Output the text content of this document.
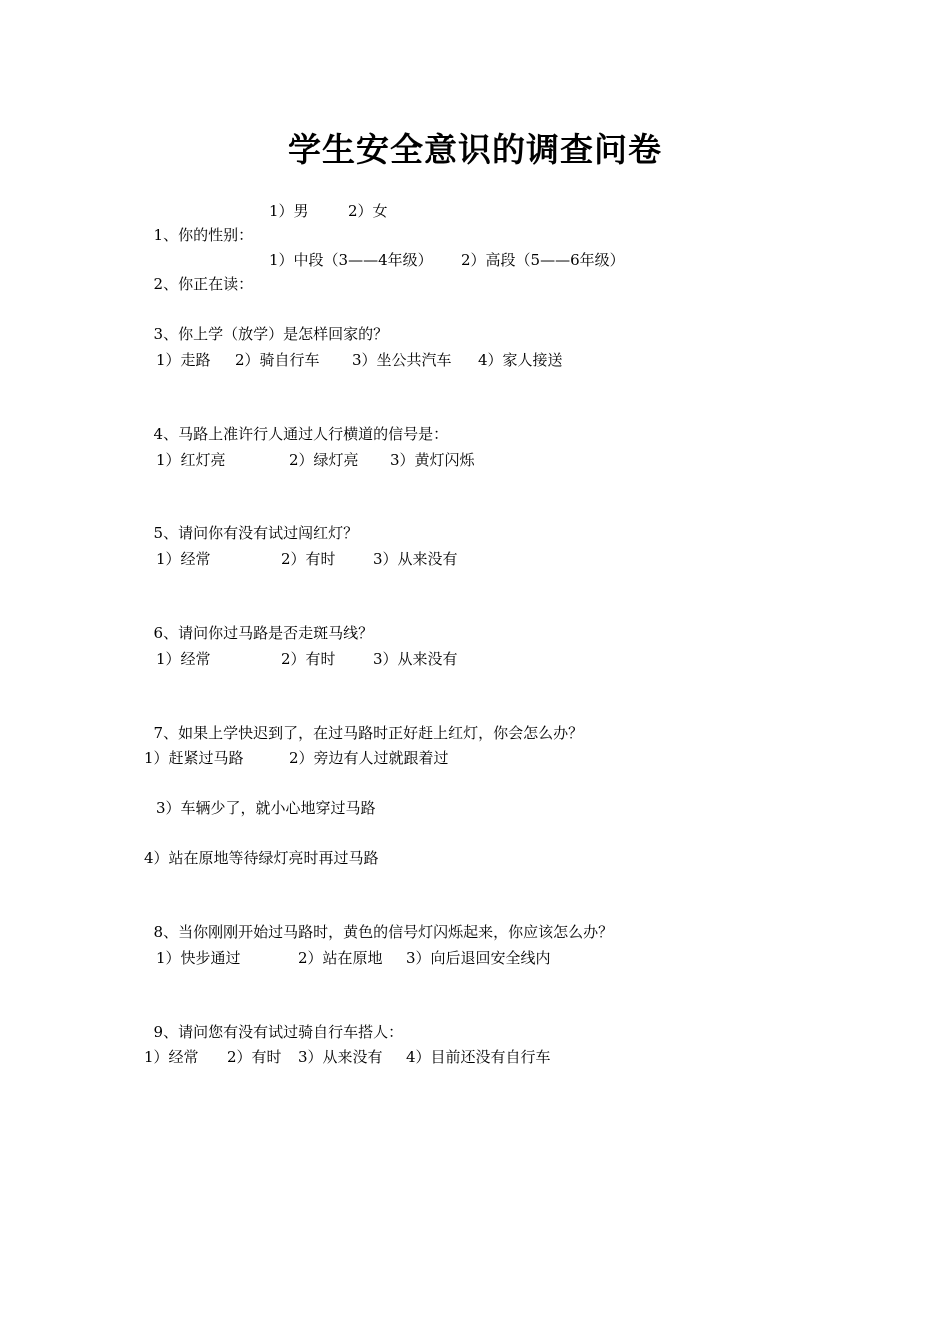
学生安全意识的调查问卷

1、你的性别：

1）男

	2）女

2、你正在读：

1）中段（3——4年级）

2）高段（5——6年级）

3、你上学（放学）是怎样回家的？

1）走路

2）骑自行车

3）坐公共汽车

4）家人接送

4、马路上准许行人通过人行横道的信号是：

1）红灯亮

	2）绿灯亮

3）黄灯闪烁

5、请问你有没有试过闯红灯？

1）经常

	2）有时

3）从来没有

6、请问你过马路是否走斑马线？

1）经常

	2）有时

3）从来没有

7、如果上学快迟到了，在过马路时正好赶上红灯，你会怎么办？

1）赶紧过马路

	2）旁边有人过就跟着过

3）车辆少了，就小心地穿过马路

4）站在原地等待绿灯亮时再过马路

8、当你刚刚开始过马路时，黄色的信号灯闪烁起来，你应该怎么办？

1）快步通过

	2）站在原地

3）向后退回安全线内

9、请问您有没有试过骑自行车搭人：

1）经常

2）有时

3）从来没有

4）目前还没有自行车
